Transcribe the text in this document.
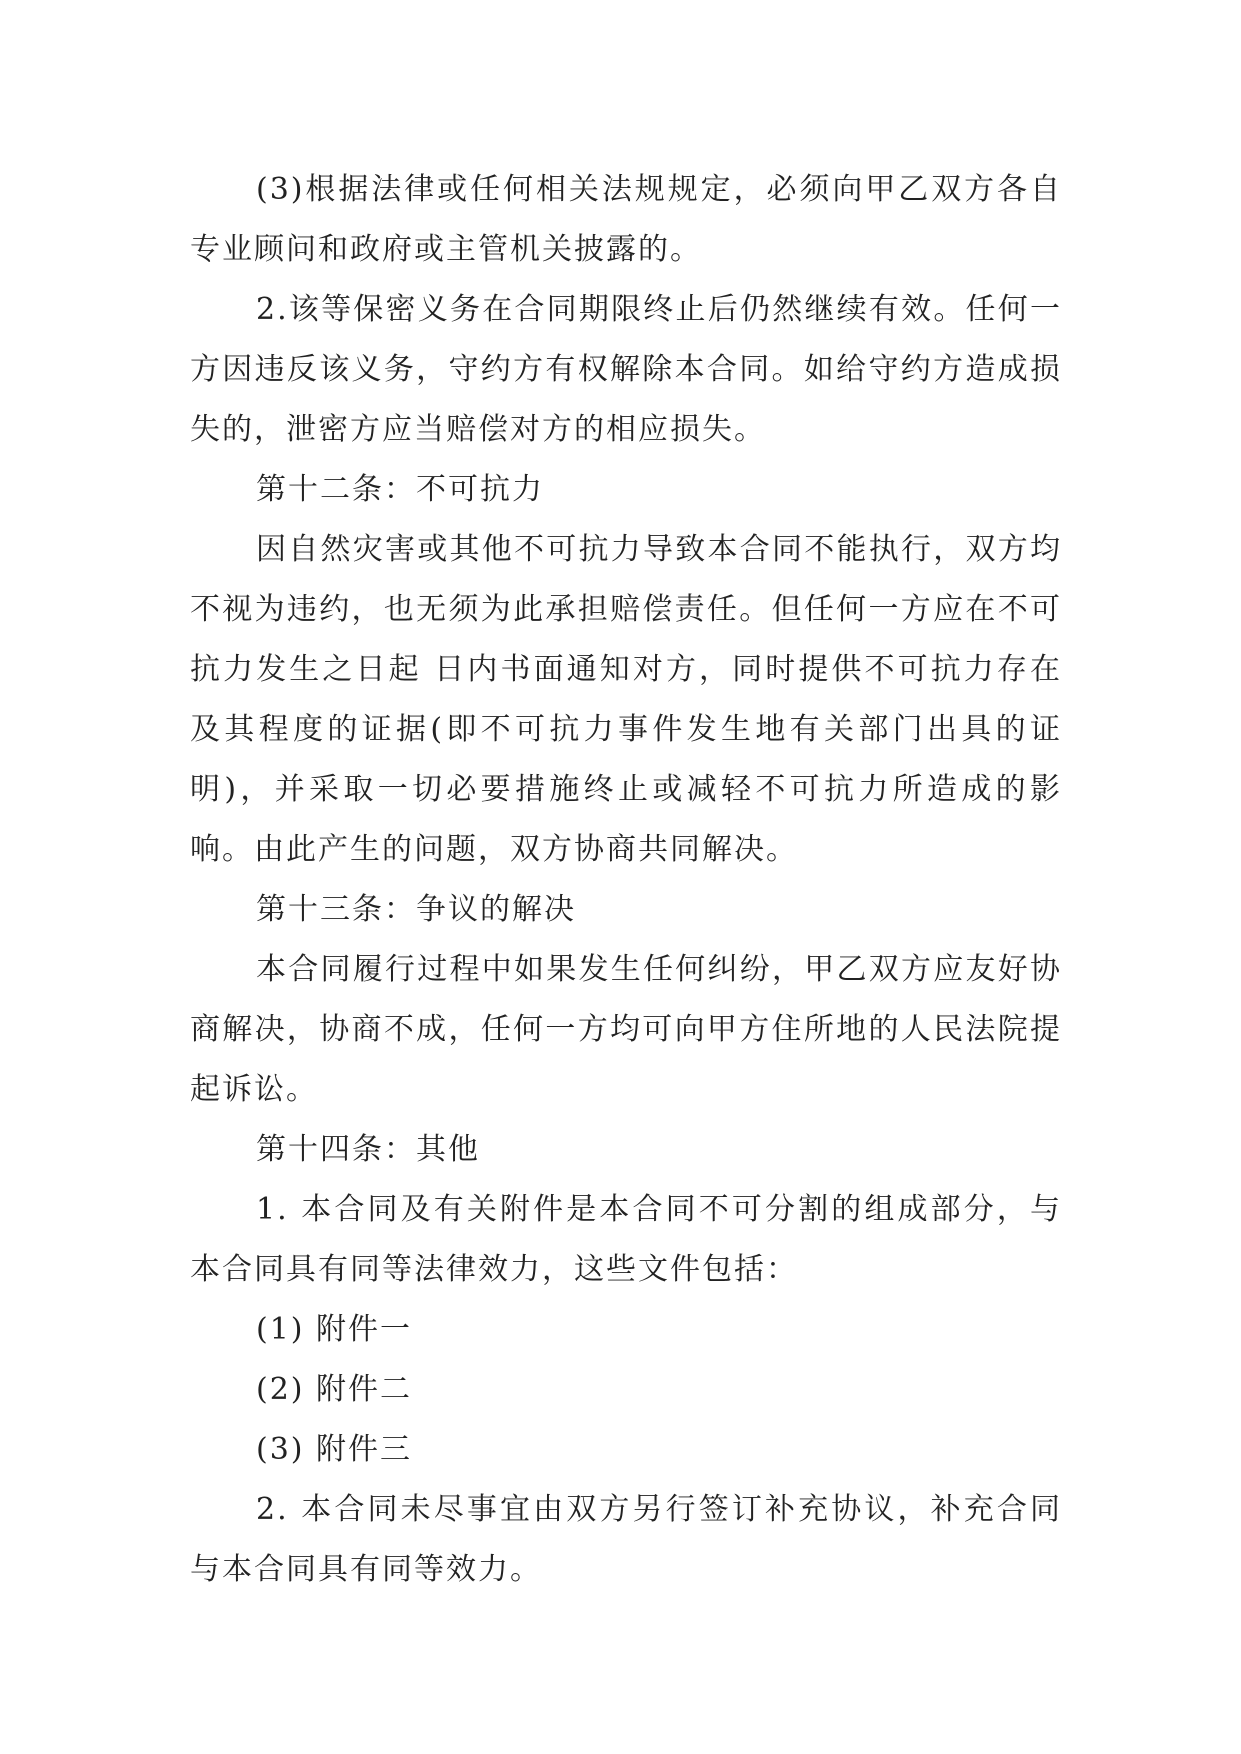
(3)根据法律或任何相关法规规定，必须向甲乙双方各自专业顾问和政府或主管机关披露的。

2.该等保密义务在合同期限终止后仍然继续有效。任何一方因违反该义务，守约方有权解除本合同。如给守约方造成损失的，泄密方应当赔偿对方的相应损失。

第十二条：不可抗力

因自然灾害或其他不可抗力导致本合同不能执行，双方均不视为违约，也无须为此承担赔偿责任。但任何一方应在不可抗力发生之日起 日内书面通知对方，同时提供不可抗力存在及其程度的证据(即不可抗力事件发生地有关部门出具的证明)，并采取一切必要措施终止或减轻不可抗力所造成的影响。由此产生的问题，双方协商共同解决。

第十三条：争议的解决

本合同履行过程中如果发生任何纠纷，甲乙双方应友好协商解决，协商不成，任何一方均可向甲方住所地的人民法院提起诉讼。

第十四条：其他

1. 本合同及有关附件是本合同不可分割的组成部分，与本合同具有同等法律效力，这些文件包括：

(1) 附件一

(2) 附件二

(3) 附件三

2. 本合同未尽事宜由双方另行签订补充协议，补充合同与本合同具有同等效力。
